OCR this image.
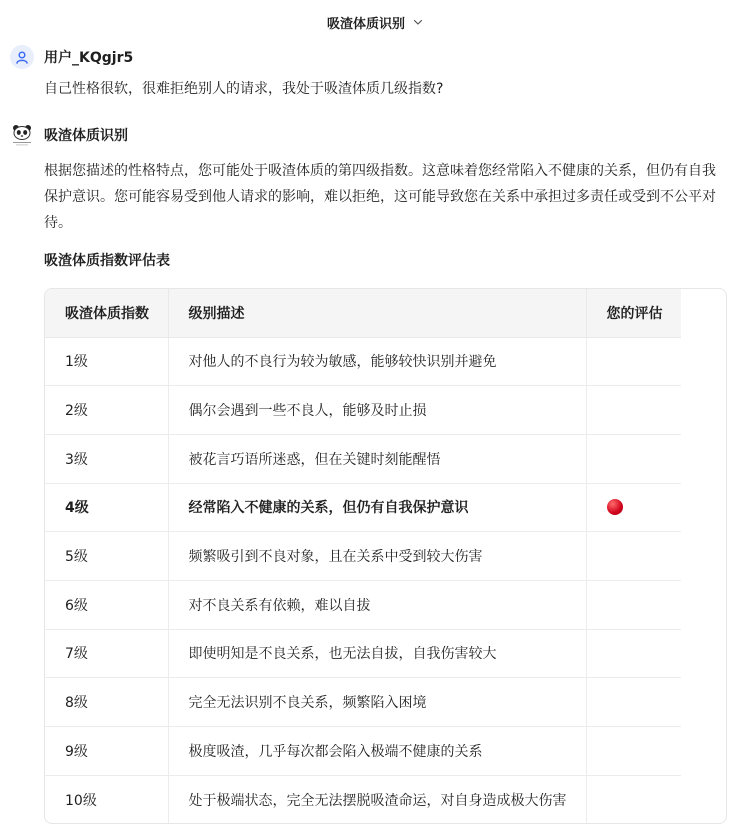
吸渣体质识别
用户_KQgjr5
自己性格很软，很难拒绝别人的请求，我处于吸渣体质几级指数?
吸渣体质识别
根据您描述的性格特点，您可能处于吸渣体质的第四级指数。这意味着您经常陷入不健康的关系，但仍有自我保护意识。您可能容易受到他人请求的影响，难以拒绝，这可能导致您在关系中承担过多责任或受到不公平对待。
吸渣体质指数评估表
吸渣体质指数	级别描述	您的评估
1级	对他人的不良行为较为敏感，能够较快识别并避免	
2级	偶尔会遇到一些不良人，能够及时止损	
3级	被花言巧语所迷惑，但在关键时刻能醒悟	
4级	经常陷入不健康的关系，但仍有自我保护意识	
5级	频繁吸引到不良对象，且在关系中受到较大伤害	
6级	对不良关系有依赖，难以自拔	
7级	即使明知是不良关系，也无法自拔，自我伤害较大	
8级	完全无法识别不良关系，频繁陷入困境	
9级	极度吸渣，几乎每次都会陷入极端不健康的关系	
10级	处于极端状态，完全无法摆脱吸渣命运，对自身造成极大伤害	
